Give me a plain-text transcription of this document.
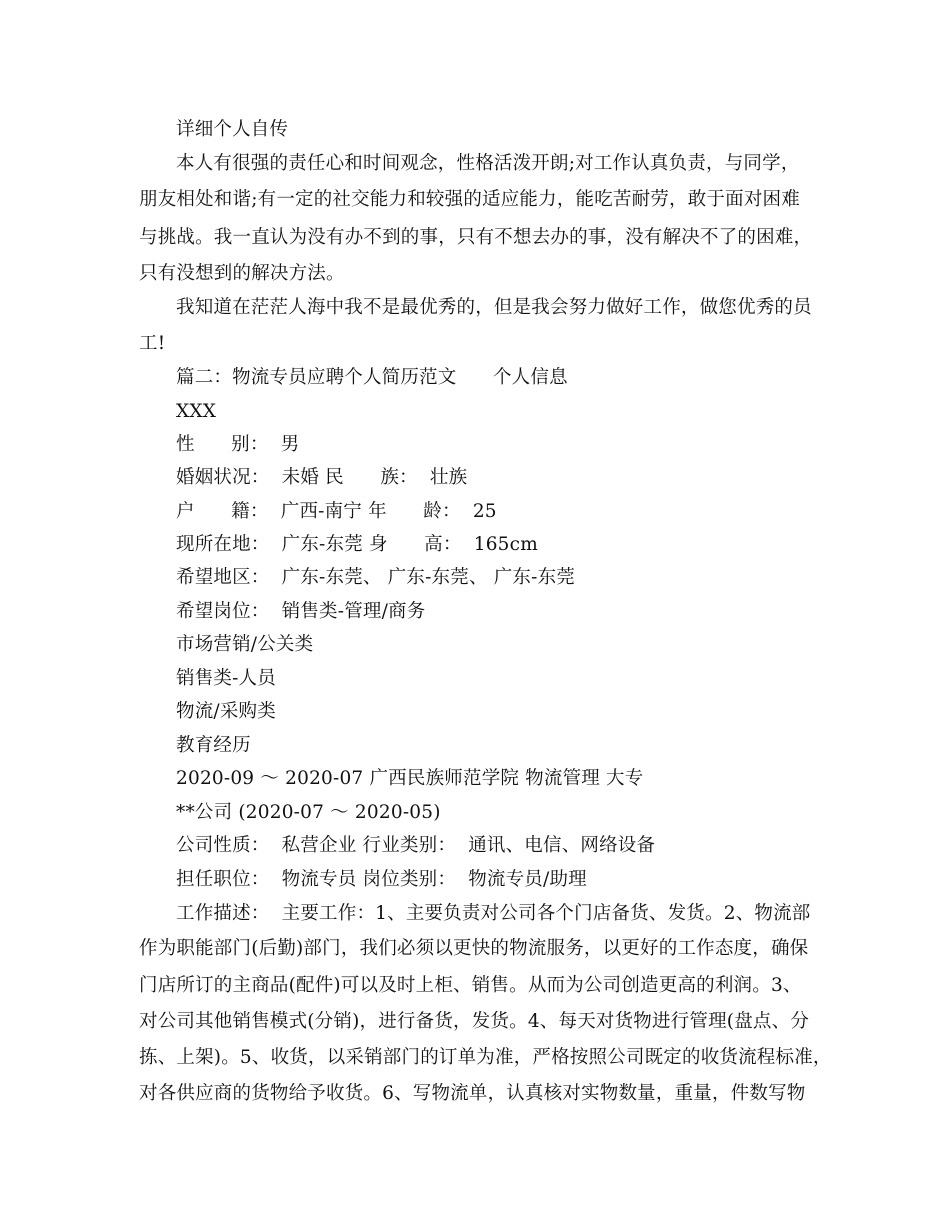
详细个人自传
本人有很强的责任心和时间观念，性格活泼开朗;对工作认真负责，与同学，
朋友相处和谐;有一定的社交能力和较强的适应能力，能吃苦耐劳，敢于面对困难
与挑战。我一直认为没有办不到的事，只有不想去办的事，没有解决不了的困难，
只有没想到的解决方法。
我知道在茫茫人海中我不是最优秀的，但是我会努力做好工作，做您优秀的员
工!
篇二：物流专员应聘个人简历范文      个人信息
XXX
性      别：  男
婚姻状况：  未婚 民      族：  壮族
户      籍：  广西-南宁 年      龄：  25
现所在地：  广东-东莞 身      高：  165cm
希望地区：  广东-东莞、 广东-东莞、 广东-东莞
希望岗位：  销售类-管理/商务
市场营销/公关类
销售类-人员
物流/采购类
教育经历
2020-09 ～ 2020-07 广西民族师范学院 物流管理 大专
**公司 (2020-07 ～ 2020-05)
公司性质：  私营企业 行业类别：  通讯、电信、网络设备
担任职位：  物流专员 岗位类别：  物流专员/助理
工作描述：  主要工作：1、主要负责对公司各个门店备货、发货。2、物流部
作为职能部门(后勤)部门，我们必须以更快的物流服务，以更好的工作态度，确保
门店所订的主商品(配件)可以及时上柜、销售。从而为公司创造更高的利润。3、
对公司其他销售模式(分销)，进行备货，发货。4、每天对货物进行管理(盘点、分
拣、上架)。5、收货，以采销部门的订单为准，严格按照公司既定的收货流程标准，
对各供应商的货物给予收货。6、写物流单，认真核对实物数量，重量，件数写物
